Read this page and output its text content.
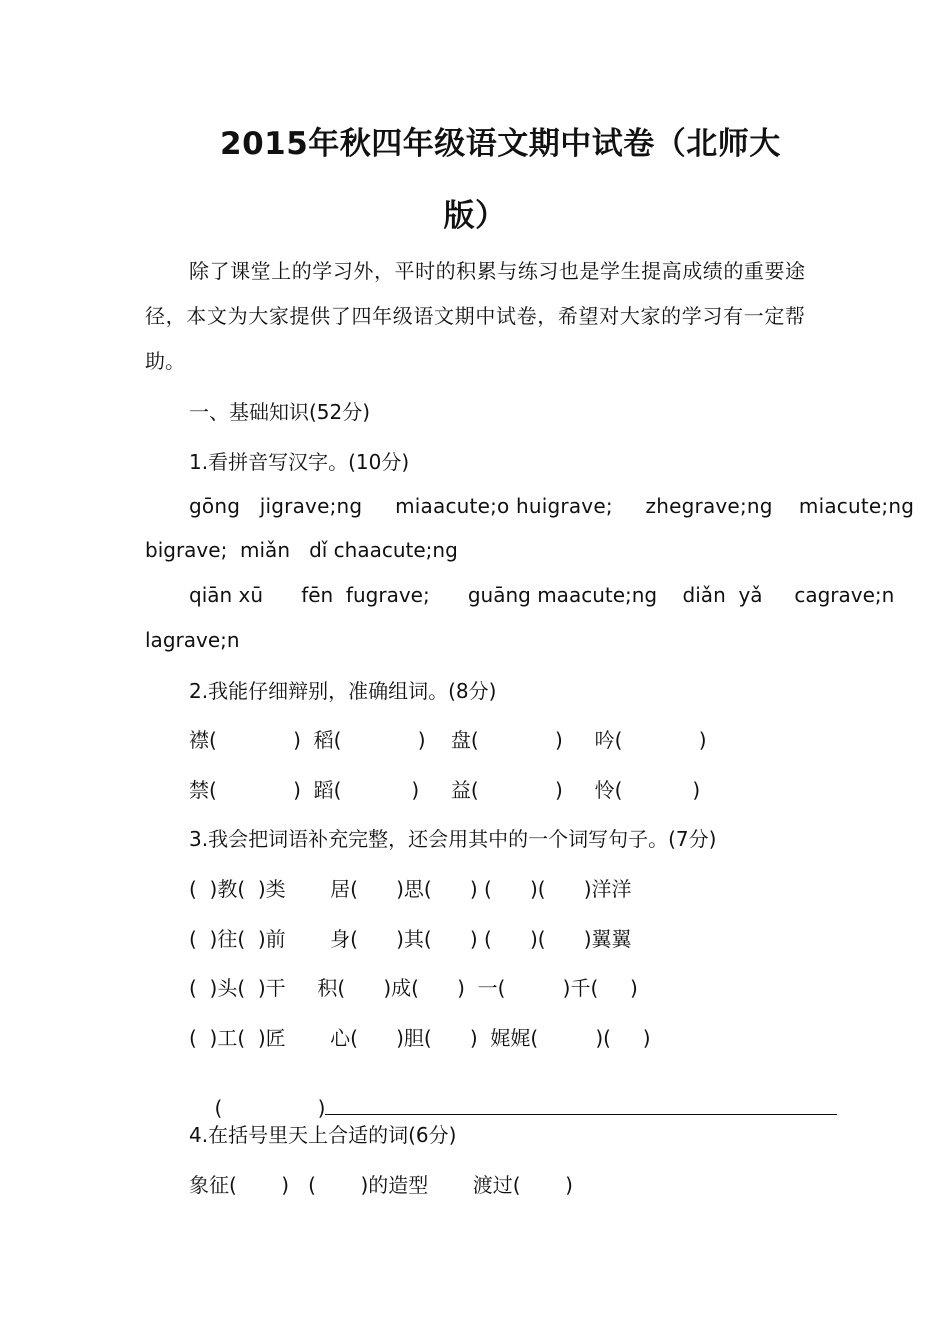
2015年秋四年级语文期中试卷（北师大
版）
除了课堂上的学习外，平时的积累与练习也是学生提高成绩的重要途径，本文为大家提供了四年级语文期中试卷，希望对大家的学习有一定帮助。
一、基础知识(52分)
1.看拼音写汉字。(10分)
gōng   jigrave;ng     miaacute;o huigrave;     zhegrave;ng    miacute;ng
bigrave;  miǎn   dǐ chaacute;ng
qiān xū      fēn  fugrave;      guāng maacute;ng    diǎn  yǎ     cagrave;n
lagrave;n
2.我能仔细辩别，准确组词。(8分)
襟(            )  稻(            )    盘(            )     吟(            )
禁(            )  蹈(           )     益(            )     怜(           )
3.我会把词语补充完整，还会用其中的一个词写句子。(7分)
(  )教(  )类       居(      )思(      ) (      )(      )洋洋
(  )往(  )前       身(      )其(      ) (      )(      )翼翼
(  )头(  )干     积(      )成(      )  一(         )千(     )
(  )工(  )匠       心(      )胆(      )  娓娓(         )(     )

(               )

4.在括号里天上合适的词(6分)
象征(       )   (       )的造型       渡过(       )
